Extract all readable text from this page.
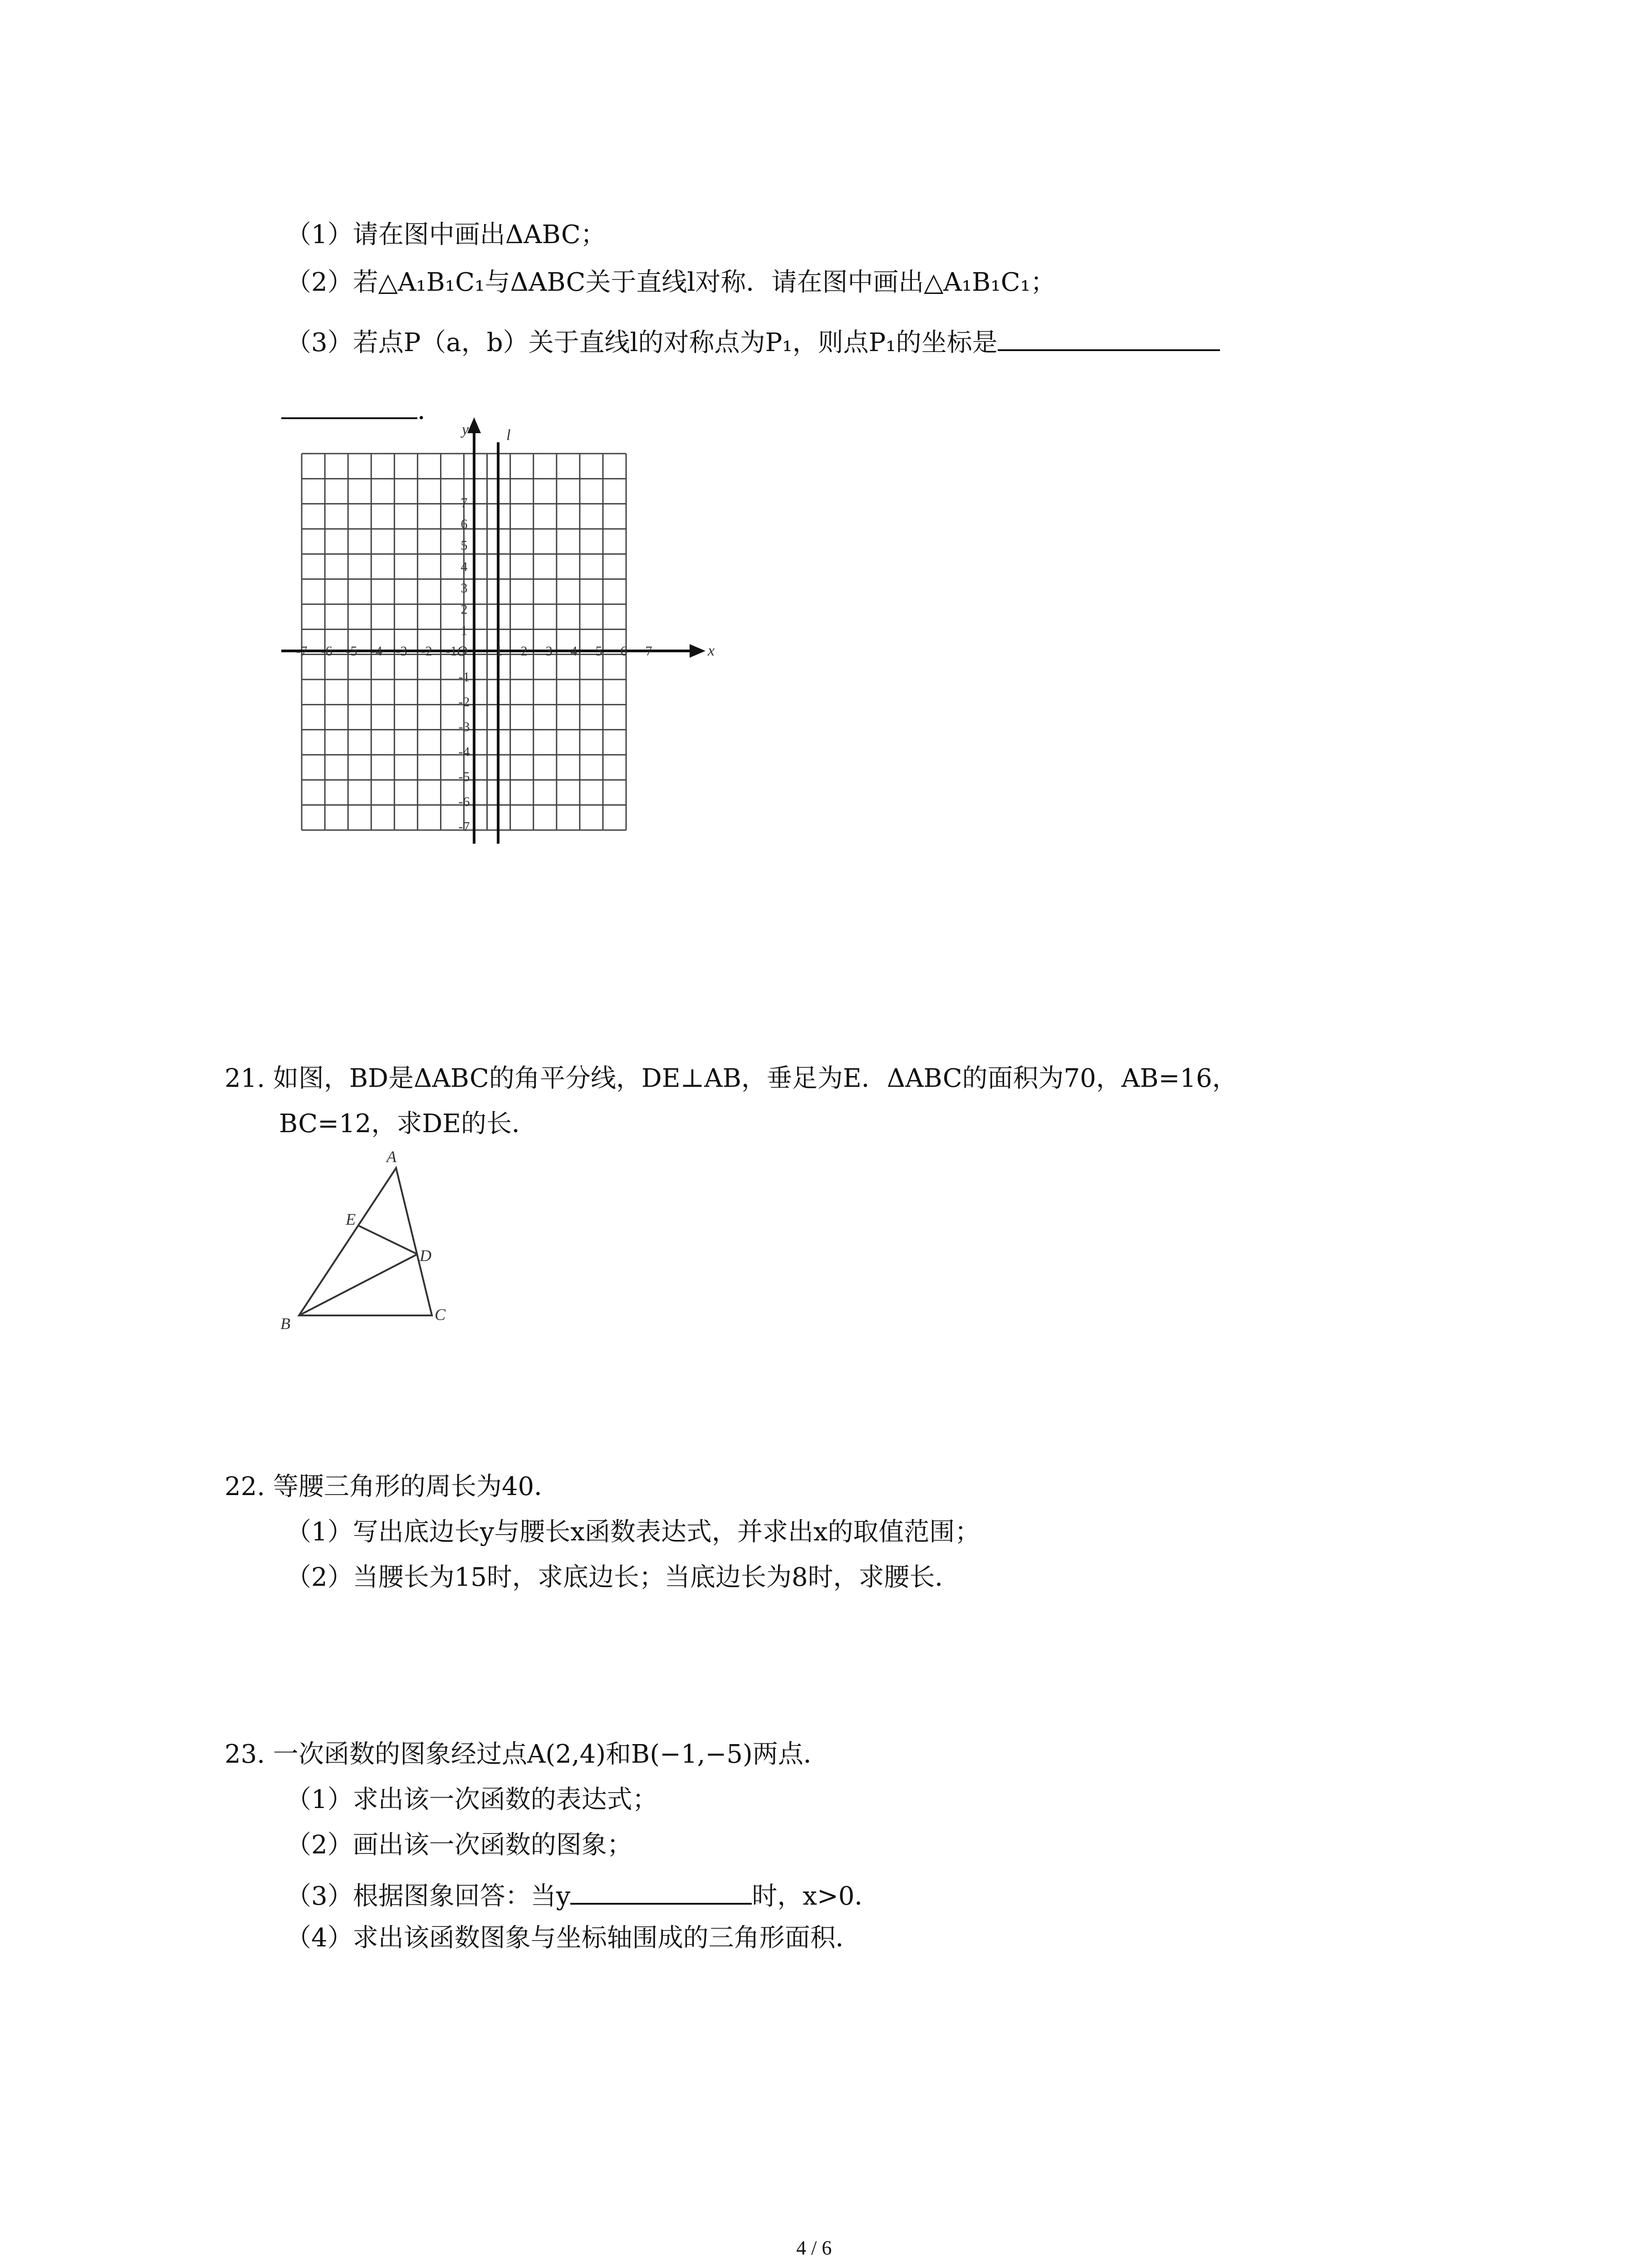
（1）请在图中画出ΔABC；
（2）若△A₁B₁C₁与ΔABC关于直线l对称．请在图中画出△A₁B₁C₁；
（3）若点P（a，b）关于直线l的对称点为P₁，则点P₁的坐标是
．
-7 -6 -5 -4 -3 -2 -1	1 2 3 4 5 6 7
1
2
3
4
5
6
7
-1
-2
-3
-4
-5
-6
-7
x
y l
O
21. 如图，BD是ΔABC的角平分线，DE⊥AB，垂足为E．ΔABC的面积为70，AB=16，
BC=12，求DE的长．
A
E
D
B	C
22. 等腰三角形的周长为40．
（1）写出底边长y与腰长x函数表达式，并求出x的取值范围；
（2）当腰长为15时，求底边长；当底边长为8时，求腰长．
23. 一次函数的图象经过点A(2,4)和B(−1,−5)两点．
（1）求出该一次函数的表达式；
（2）画出该一次函数的图象；
（3）根据图象回答：当y	时，x>0．
（4）求出该函数图象与坐标轴围成的三角形面积．
4 / 6
